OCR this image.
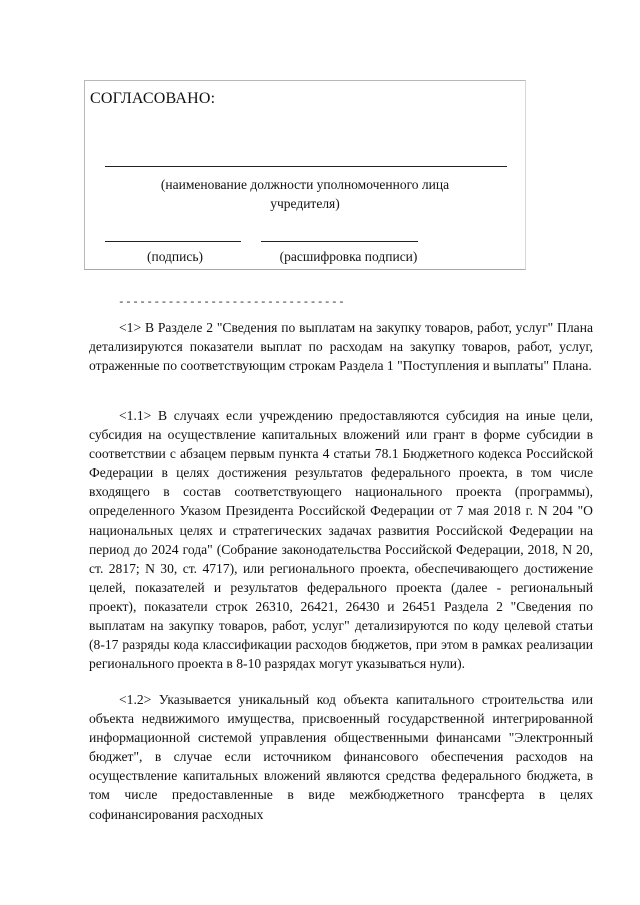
СОГЛАСОВАНО:
(наименование должности уполномоченного лица учредителя)
(подпись)	(расшифровка подписи)
--------------------------------

<1> В Разделе 2 "Сведения по выплатам на закупку товаров, работ, услуг" Плана детализируются показатели выплат по расходам на закупку товаров, работ, услуг, отраженные по соответствующим строкам Раздела 1 "Поступления и выплаты" Плана.

<1.1> В случаях если учреждению предоставляются субсидия на иные цели, субсидия на осуществление капитальных вложений или грант в форме субсидии в соответствии с абзацем первым пункта 4 статьи 78.1 Бюджетного кодекса Российской Федерации в целях достижения результатов федерального проекта, в том числе входящего в состав соответствующего национального проекта (программы), определенного Указом Президента Российской Федерации от 7 мая 2018 г. N 204 "О национальных целях и стратегических задачах развития Российской Федерации на период до 2024 года" (Собрание законодательства Российской Федерации, 2018, N 20, ст. 2817; N 30, ст. 4717), или регионального проекта, обеспечивающего достижение целей, показателей и результатов федерального проекта (далее - региональный проект), показатели строк 26310, 26421, 26430 и 26451 Раздела 2 "Сведения по выплатам на закупку товаров, работ, услуг" детализируются по коду целевой статьи (8-17 разряды кода классификации расходов бюджетов, при этом в рамках реализации регионального проекта в 8-10 разрядах могут указываться нули).

<1.2> Указывается уникальный код объекта капитального строительства или объекта недвижимого имущества, присвоенный государственной интегрированной информационной системой управления общественными финансами "Электронный бюджет", в случае если источником финансового обеспечения расходов на осуществление капитальных вложений являются средства федерального бюджета, в том числе предоставленные в виде межбюджетного трансферта в целях софинансирования расходных
